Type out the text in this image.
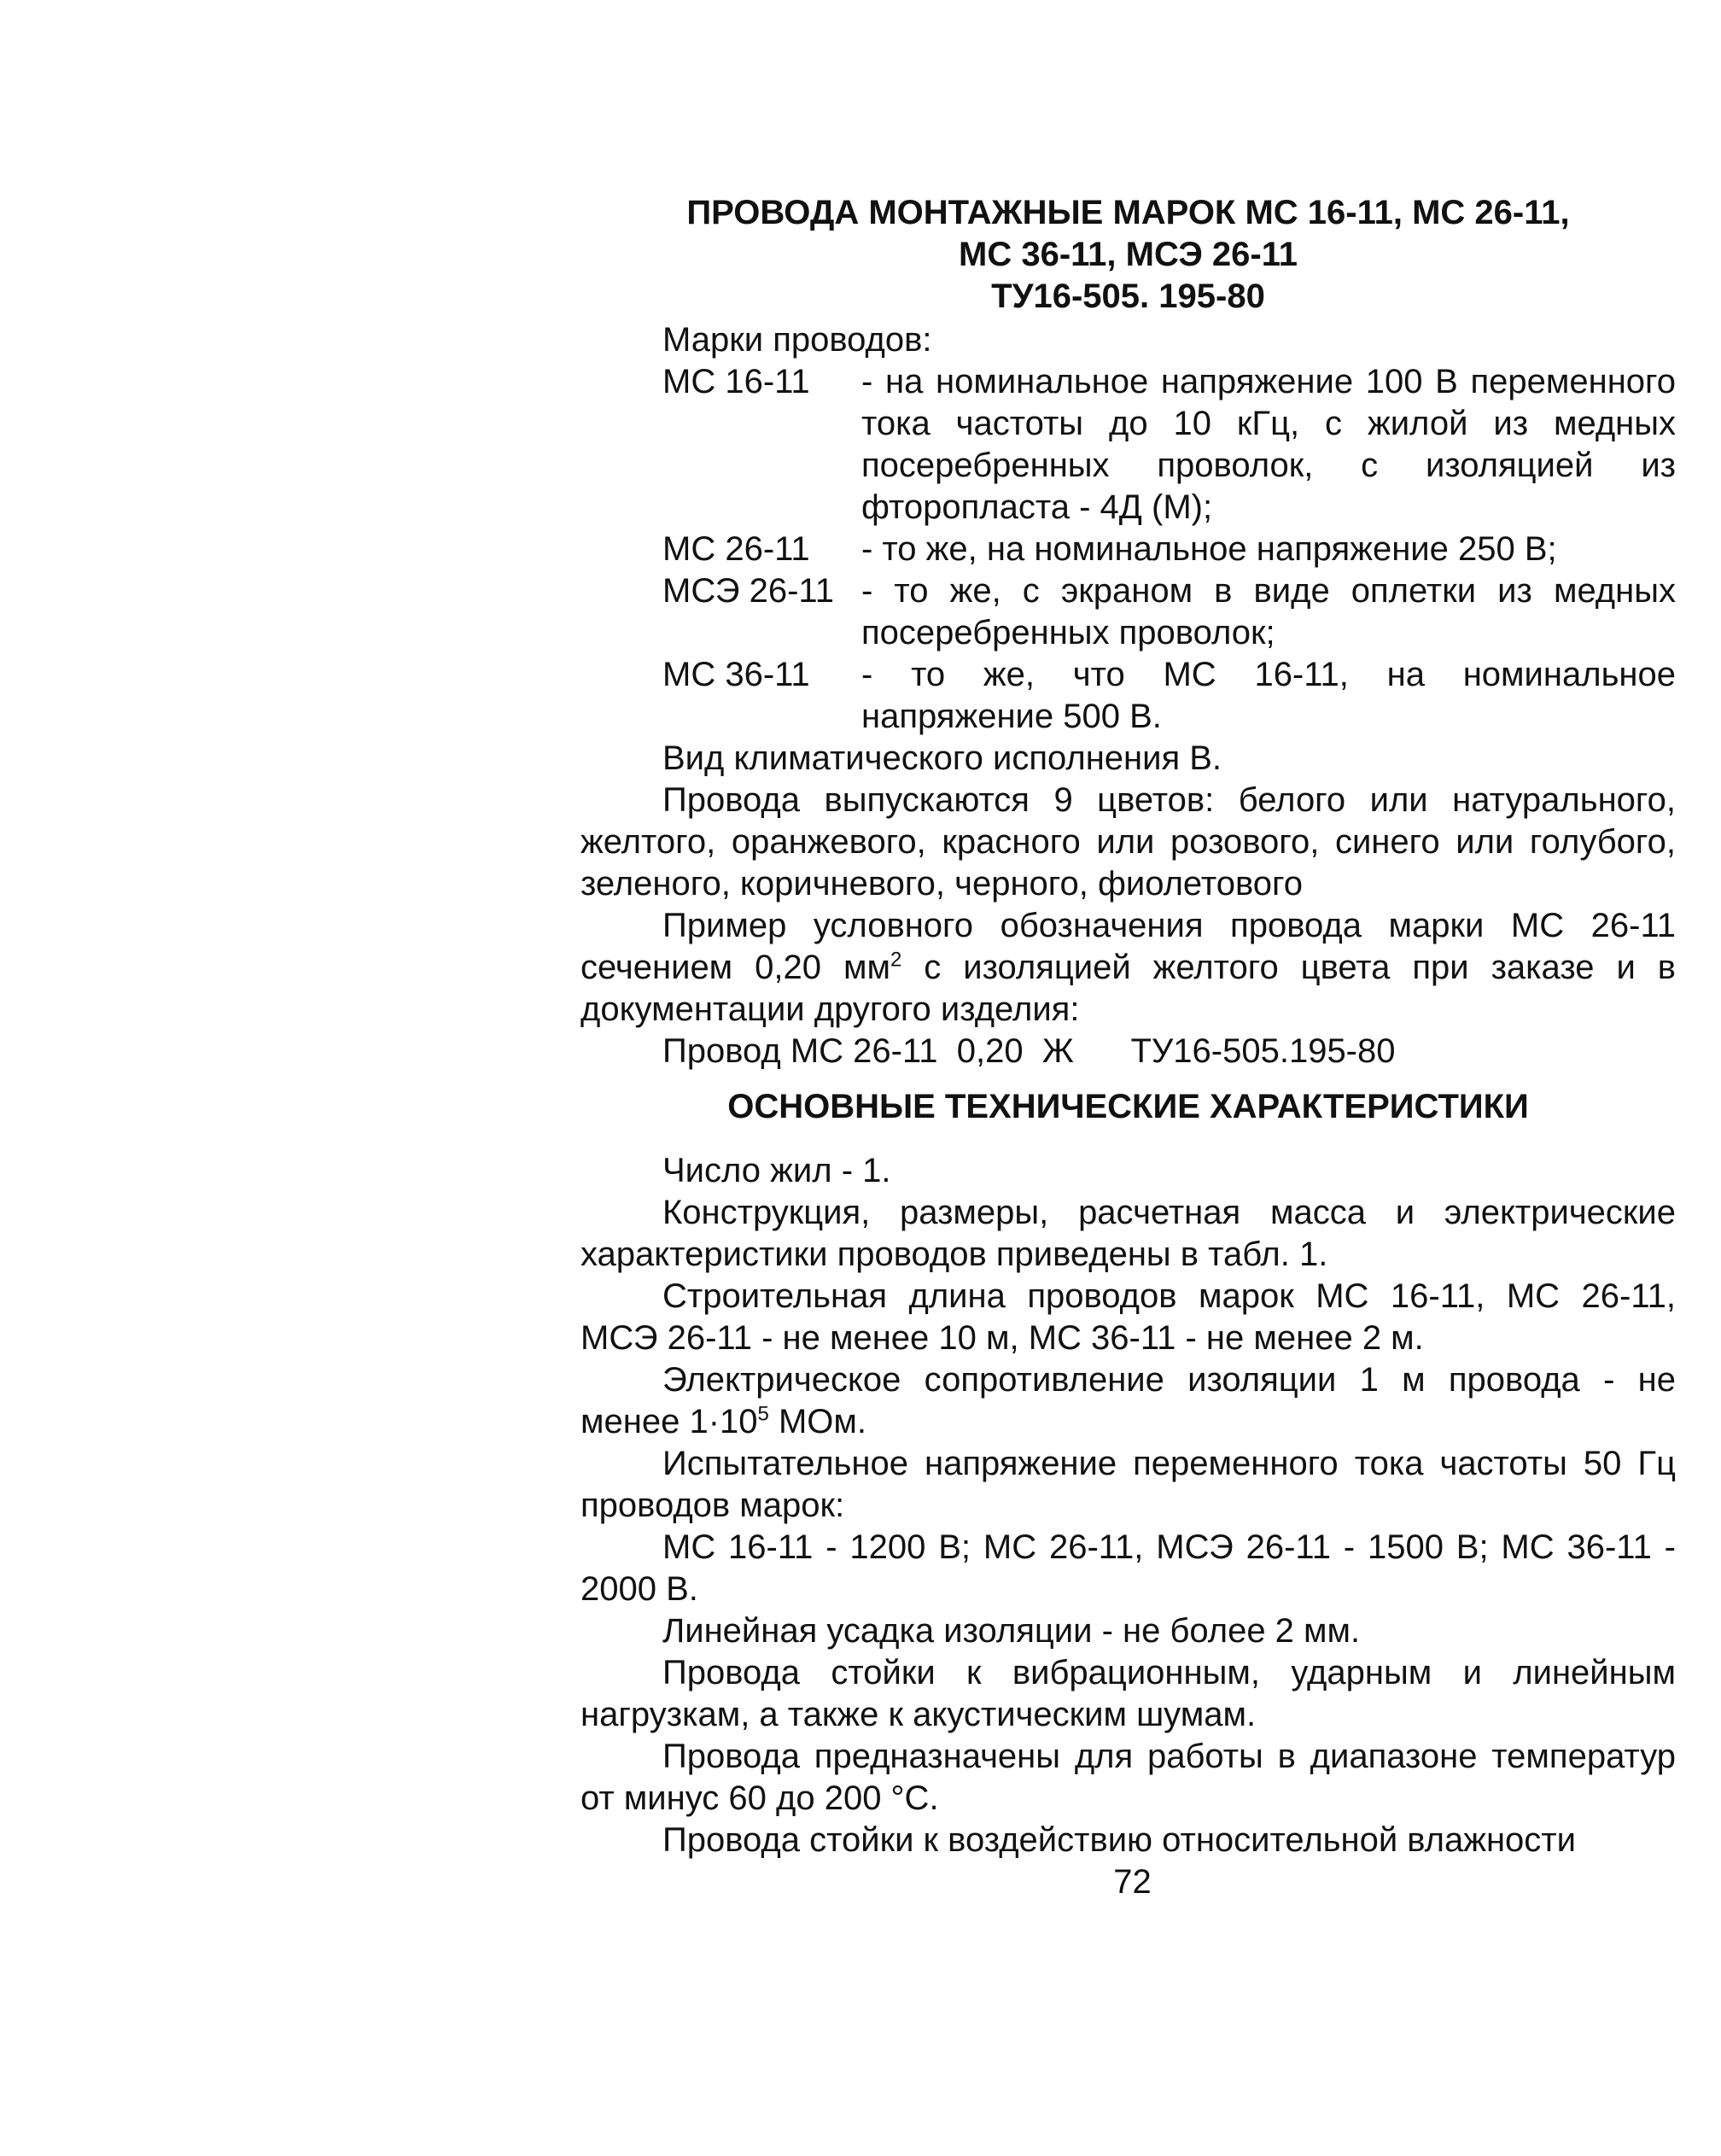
ПРОВОДА МОНТАЖНЫЕ МАРОК МС 16-11, МС 26-11,
МС 36-11, МСЭ 26-11
ТУ16-505. 195-80

Марки проводов:

МС 16-11	- на номинальное напряжение 100 В переменного тока частоты до 10 кГц, с жилой из медных посеребренных проволок, с изоляцией из фторопласта - 4Д (М);
МС 26-11	- то же, на номинальное напряжение 250 В;
МСЭ 26-11 - то же, с экраном в виде оплетки из медных посеребренных проволок;
МС 36-11	- то же, что МС 16-11, на номинальное напряжение 500 В.

Вид климатического исполнения В.

Провода выпускаются 9 цветов: белого или натурального, желтого, оранжевого, красного или розового, синего или голубого, зеленого, коричневого, черного, фиолетового

Пример условного обозначения провода марки МС 26-11 сечением 0,20 $мм^2$ с изоляцией желтого цвета при заказе и в документации другого изделия:

Провод МС 26-11  0,20  Ж      ТУ16-505.195-80
ОСНОВНЫЕ ТЕХНИЧЕСКИЕ ХАРАКТЕРИСТИКИ

Число жил - 1.

Конструкция, размеры, расчетная масса и электрические характеристики проводов приведены в табл. 1.

Строительная длина проводов марок МС 16-11, МС 26-11, МСЭ 26-11 - не менее 10 м, МС 36-11 - не менее 2 м.

Электрическое сопротивление изоляции 1 м провода - не менее $1\cdot 10^5$ МОм.

Испытательное напряжение переменного тока частоты 50 Гц проводов марок:

МС 16-11 - 1200 В; МС 26-11, МСЭ 26-11 - 1500 В; МС 36-11 - 2000 В.

Линейная усадка изоляции - не более 2 мм.

Провода стойки к вибрационным, ударным и линейным нагрузкам, а также к акустическим шумам.

Провода предназначены для работы в диапазоне температур от минус 60 до 200 °С.

Провода стойки к воздействию относительной влажности

72
